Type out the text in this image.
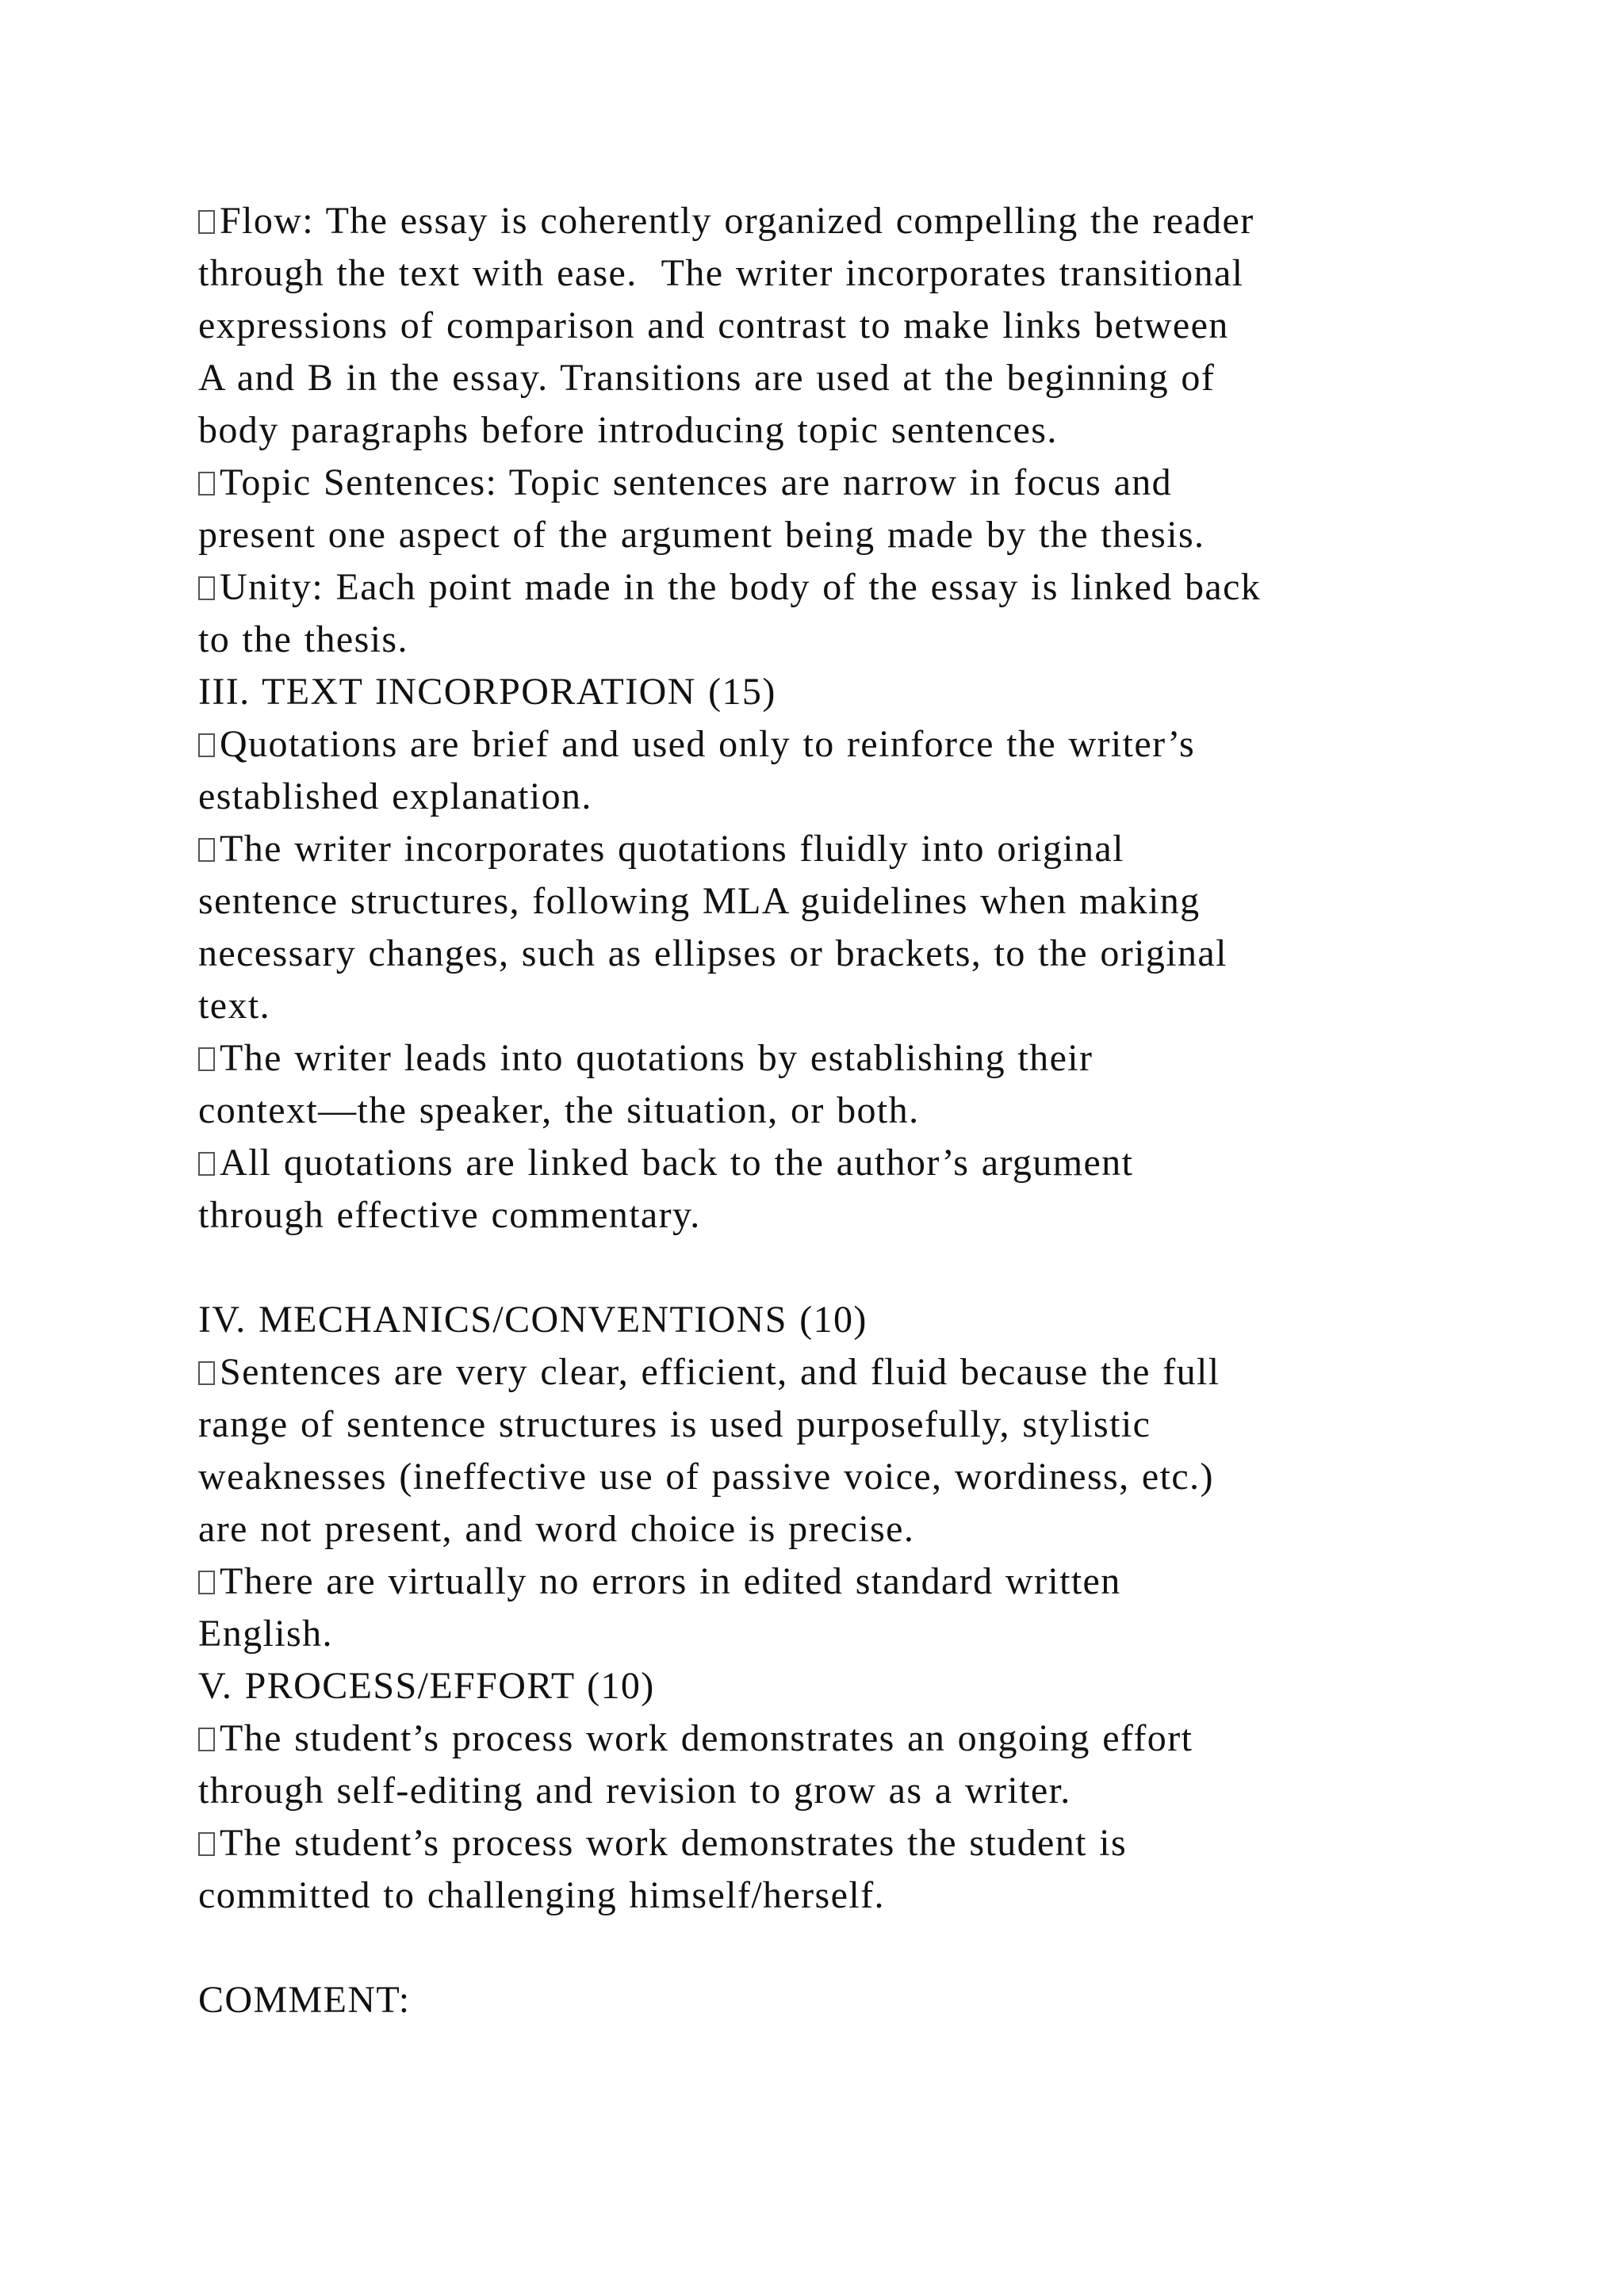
Flow: The essay is coherently organized compelling the reader
through the text with ease.  The writer incorporates transitional
expressions of comparison and contrast to make links between
A and B in the essay. Transitions are used at the beginning of
body paragraphs before introducing topic sentences.
Topic Sentences: Topic sentences are narrow in focus and
present one aspect of the argument being made by the thesis.
Unity: Each point made in the body of the essay is linked back
to the thesis.
III. TEXT INCORPORATION (15)
Quotations are brief and used only to reinforce the writer’s
established explanation.
The writer incorporates quotations fluidly into original
sentence structures, following MLA guidelines when making
necessary changes, such as ellipses or brackets, to the original
text.
The writer leads into quotations by establishing their
context—the speaker, the situation, or both.
All quotations are linked back to the author’s argument
through effective commentary.
IV. MECHANICS/CONVENTIONS (10)
Sentences are very clear, efficient, and fluid because the full
range of sentence structures is used purposefully, stylistic
weaknesses (ineffective use of passive voice, wordiness, etc.)
are not present, and word choice is precise.
There are virtually no errors in edited standard written
English.
V. PROCESS/EFFORT (10)
The student’s process work demonstrates an ongoing effort
through self-editing and revision to grow as a writer.
The student’s process work demonstrates the student is
committed to challenging himself/herself.
COMMENT:
